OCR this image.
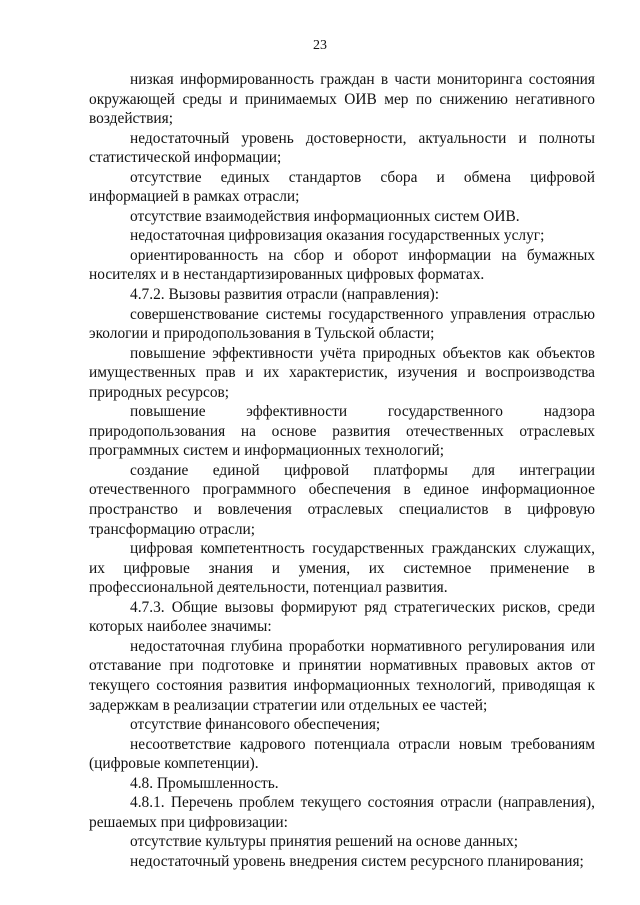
23

низкая информированность граждан в части мониторинга состояния окружающей среды и принимаемых ОИВ мер по снижению негативного воздействия;

недостаточный уровень достоверности, актуальности и полноты статистической информации;

отсутствие единых стандартов сбора и обмена цифровой информацией в рамках отрасли;

отсутствие взаимодействия информационных систем ОИВ.

недостаточная цифровизация оказания государственных услуг;

ориентированность на сбор и оборот информации на бумажных носителях и в нестандартизированных цифровых форматах.

4.7.2. Вызовы развития отрасли (направления):

совершенствование системы государственного управления отраслью экологии и природопользования в Тульской области;

повышение эффективности учёта природных объектов как объектов имущественных прав и их характеристик, изучения и воспроизводства природных ресурсов;

повышение эффективности государственного надзора природопользования на основе развития отечественных отраслевых программных систем и информационных технологий;

создание единой цифровой платформы для интеграции отечественного программного обеспечения в единое информационное пространство и вовлечения отраслевых специалистов в цифровую трансформацию отрасли;

цифровая компетентность государственных гражданских служащих, их цифровые знания и умения, их системное применение в профессиональной деятельности, потенциал развития.

4.7.3. Общие вызовы формируют ряд стратегических рисков, среди которых наиболее значимы:

недостаточная глубина проработки нормативного регулирования или отставание при подготовке и принятии нормативных правовых актов от текущего состояния развития информационных технологий, приводящая к задержкам в реализации стратегии или отдельных ее частей;

отсутствие финансового обеспечения;

несоответствие кадрового потенциала отрасли новым требованиям (цифровые компетенции).

4.8. Промышленность.

4.8.1. Перечень проблем текущего состояния отрасли (направления), решаемых при цифровизации:

отсутствие культуры принятия решений на основе данных;

недостаточный уровень внедрения систем ресурсного планирования;
